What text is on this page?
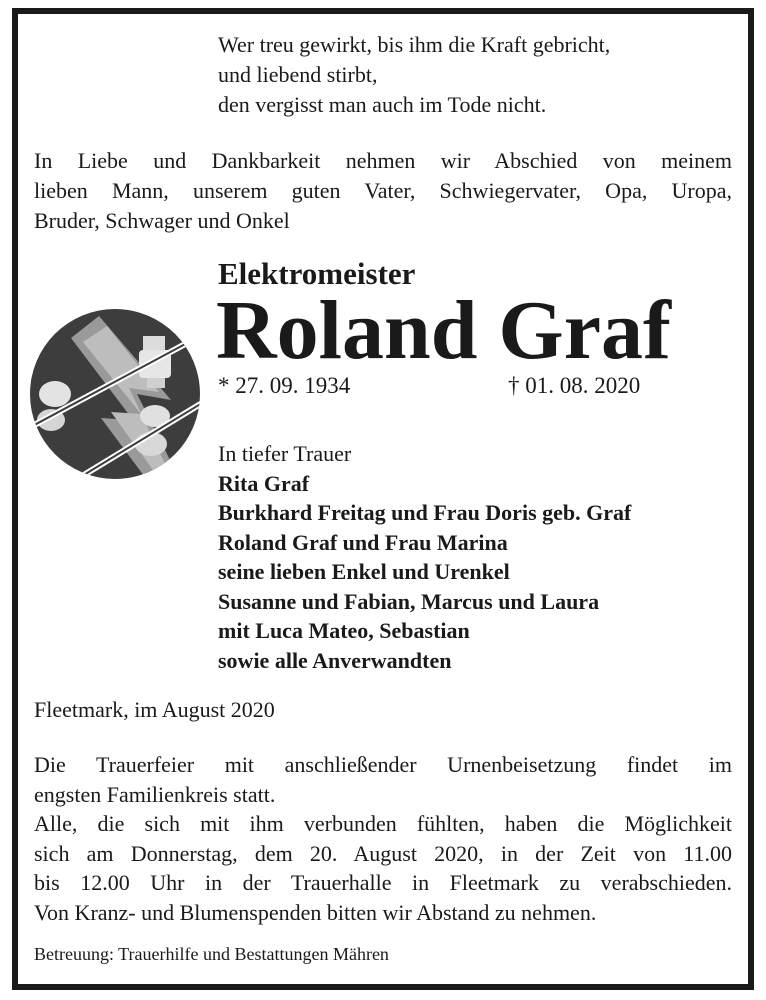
Wer treu gewirkt, bis ihm die Kraft gebricht,
und liebend stirbt,
den vergisst man auch im Tode nicht.
In Liebe und Dankbarkeit nehmen wir Abschied von meinem
lieben Mann, unserem guten Vater, Schwiegervater, Opa, Uropa,
Bruder, Schwager und Onkel
Elektromeister
Roland Graf
* 27. 09. 1934	† 01. 08. 2020
In tiefer Trauer
Rita Graf
Burkhard Freitag und Frau Doris geb. Graf
Roland Graf und Frau Marina
seine lieben Enkel und Urenkel
Susanne und Fabian, Marcus und Laura
mit Luca Mateo, Sebastian
sowie alle Anverwandten
Fleetmark, im August 2020
Die Trauerfeier mit anschließender Urnenbeisetzung findet im
engsten Familienkreis statt.
Alle, die sich mit ihm verbunden fühlten, haben die Möglichkeit
sich am Donnerstag, dem 20. August 2020, in der Zeit von 11.00
bis 12.00 Uhr in der Trauerhalle in Fleetmark zu verabschieden.
Von Kranz- und Blumenspenden bitten wir Abstand zu nehmen.
Betreuung: Trauerhilfe und Bestattungen Mähren
